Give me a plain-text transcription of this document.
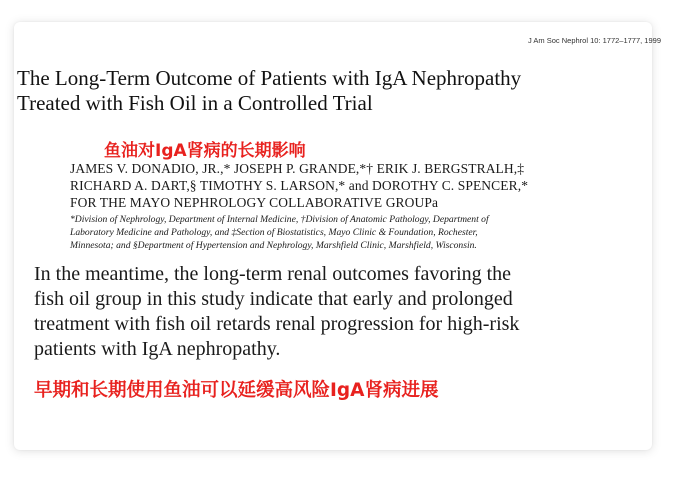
J Am Soc Nephrol 10: 1772–1777, 1999
The Long-Term Outcome of Patients with IgA Nephropathy
Treated with Fish Oil in a Controlled Trial
鱼油对IgA肾病的长期影响
JAMES V. DONADIO, JR.,* JOSEPH P. GRANDE,*† ERIK J. BERGSTRALH,‡
RICHARD A. DART,§ TIMOTHY S. LARSON,* and DOROTHY C. SPENCER,*
FOR THE MAYO NEPHROLOGY COLLABORATIVE GROUPa
*Division of Nephrology, Department of Internal Medicine, †Division of Anatomic Pathology, Department of
Laboratory Medicine and Pathology, and ‡Section of Biostatistics, Mayo Clinic & Foundation, Rochester,
Minnesota; and §Department of Hypertension and Nephrology, Marshfield Clinic, Marshfield, Wisconsin.
In the meantime, the long-term renal outcomes favoring the
fish oil group in this study indicate that early and prolonged
treatment with fish oil retards renal progression for high-risk
patients with IgA nephropathy.
早期和长期使用鱼油可以延缓高风险IgA肾病进展
